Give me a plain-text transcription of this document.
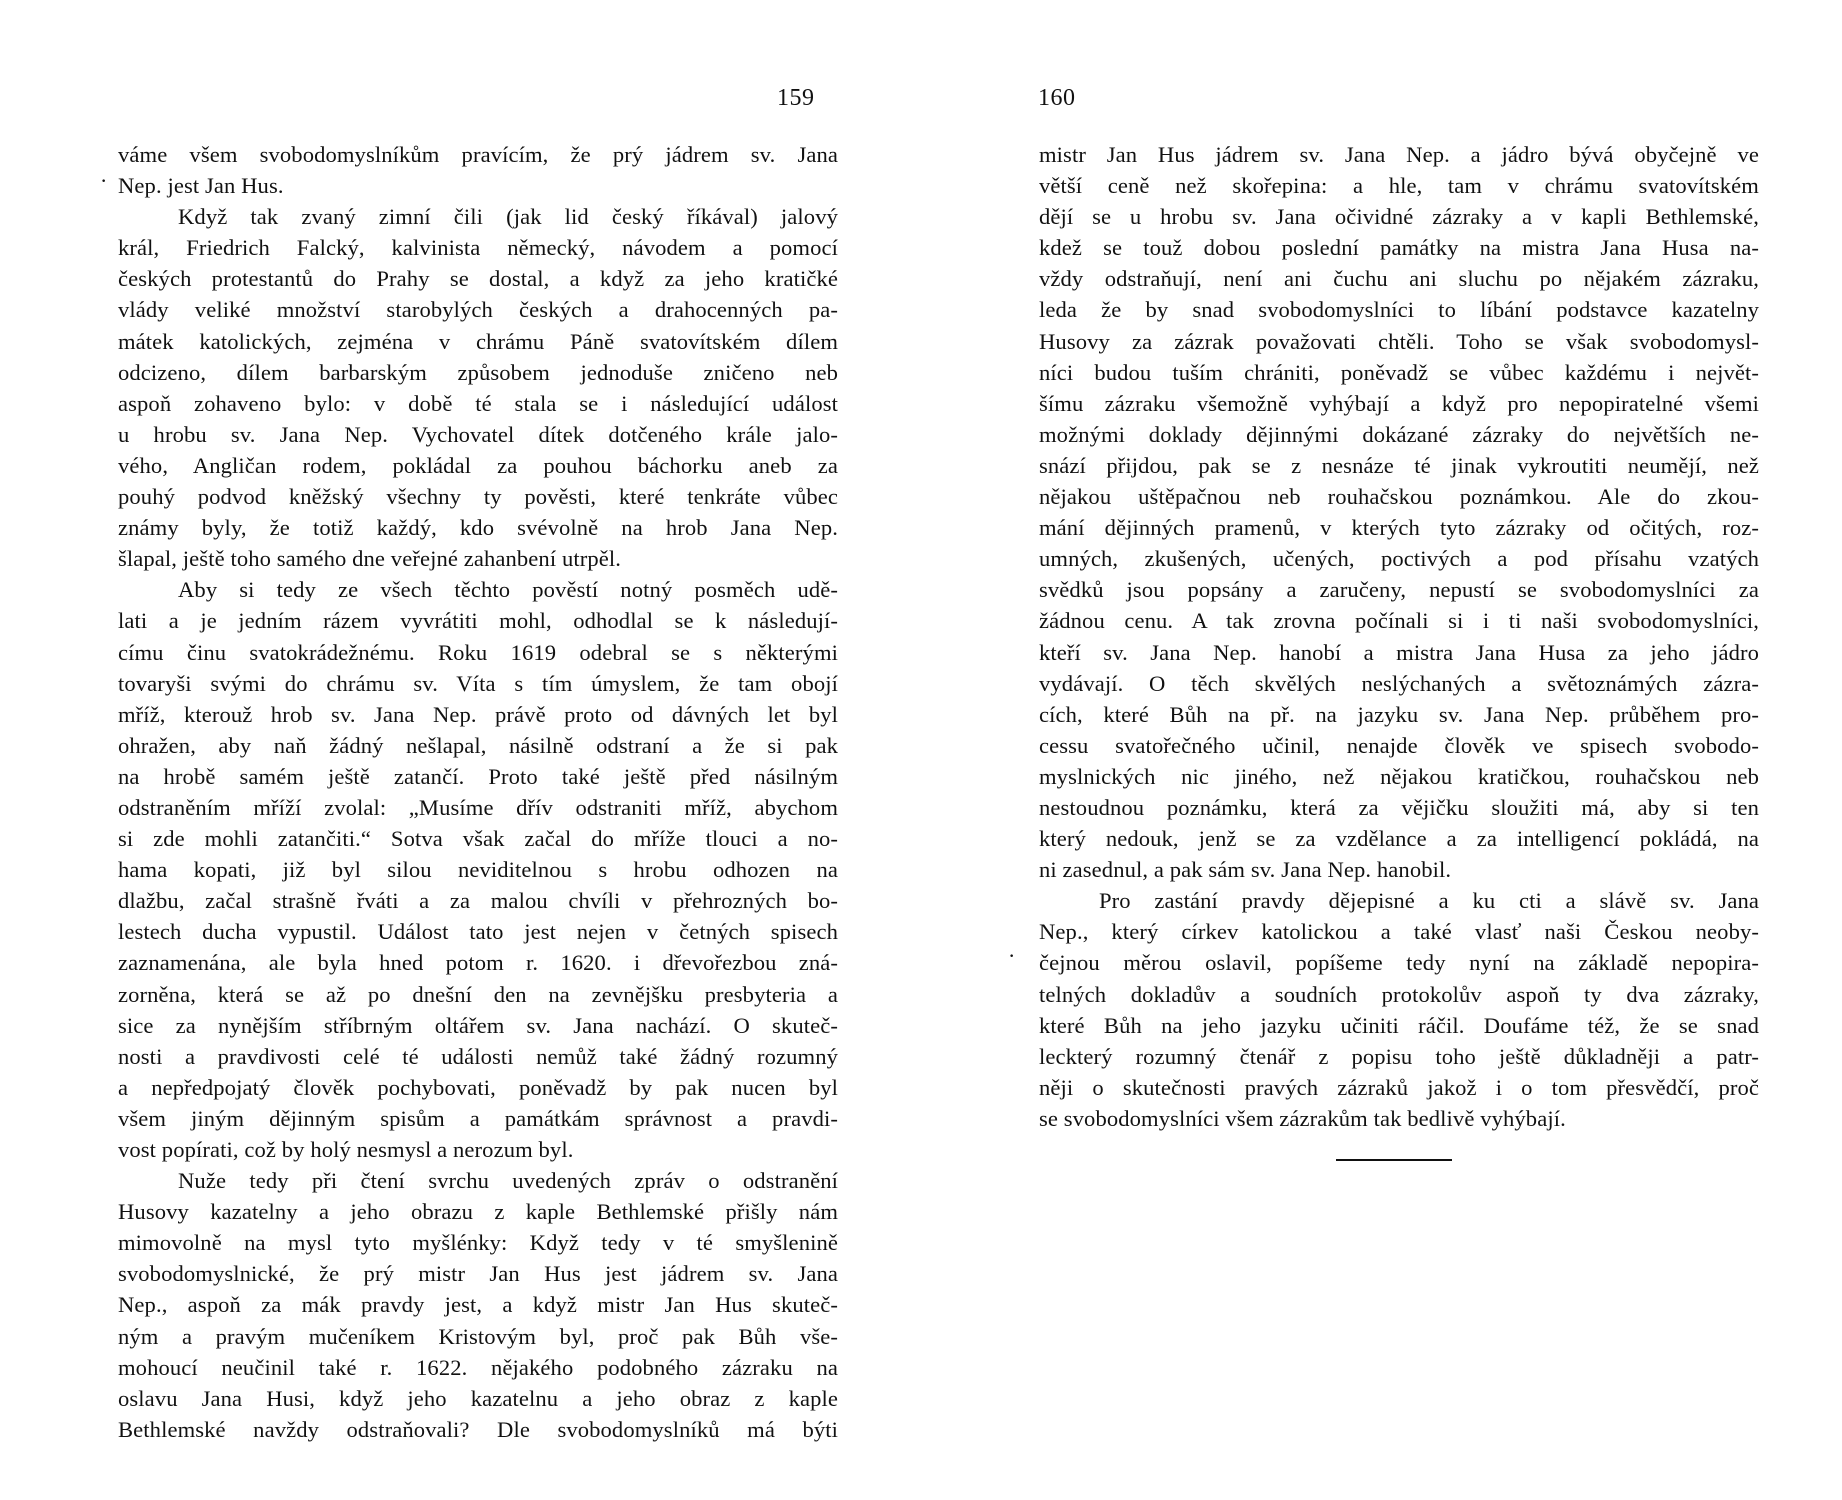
159
·
váme všem svobodomyslníkům pravícím, že prý jádrem sv. Jana
Nep. jest Jan Hus.
Když tak zvaný zimní čili (jak lid český říkával) jalový
král, Friedrich Falcký, kalvinista německý, návodem a pomocí
českých protestantů do Prahy se dostal, a když za jeho kratičké
vlády veliké množství starobylých českých a drahocenných pa-
mátek katolických, zejména v chrámu Páně svatovítském dílem
odcizeno, dílem barbarským způsobem jednoduše zničeno neb
aspoň zohaveno bylo: v době té stala se i následující událost
u hrobu sv. Jana Nep. Vychovatel dítek dotčeného krále jalo-
vého, Angličan rodem, pokládal za pouhou báchorku aneb za
pouhý podvod kněžský všechny ty pověsti, které tenkráte vůbec
známy byly, že totiž každý, kdo svévolně na hrob Jana Nep.
šlapal, ještě toho samého dne veřejné zahanbení utrpěl.
Aby si tedy ze všech těchto pověstí notný posměch udě-
lati a je jedním rázem vyvrátiti mohl, odhodlal se k následují-
címu činu svatokrádežnému. Roku 1619 odebral se s některými
tovaryši svými do chrámu sv. Víta s tím úmyslem, že tam obojí
mříž, kterouž hrob sv. Jana Nep. právě proto od dávných let byl
ohražen, aby naň žádný nešlapal, násilně odstraní a že si pak
na hrobě samém ještě zatančí. Proto také ještě před násilným
odstraněním mříží zvolal: „Musíme dřív odstraniti mříž, abychom
si zde mohli zatančiti.“ Sotva však začal do mříže tlouci a no-
hama kopati, již byl silou neviditelnou s hrobu odhozen na
dlažbu, začal strašně řváti a za malou chvíli v přehrozných bo-
lestech ducha vypustil. Událost tato jest nejen v četných spisech
zaznamenána, ale byla hned potom r. 1620. i dřevořezbou zná-
zorněna, která se až po dnešní den na zevnějšku presbyteria a
sice za nynějším stříbrným oltářem sv. Jana nachází. O skuteč-
nosti a pravdivosti celé té události nemůž také žádný rozumný
a nepředpojatý člověk pochybovati, poněvadž by pak nucen byl
všem jiným dějinným spisům a památkám správnost a pravdi-
vost popírati, což by holý nesmysl a nerozum byl.
Nuže tedy při čtení svrchu uvedených zpráv o odstranění
Husovy kazatelny a jeho obrazu z kaple Bethlemské přišly nám
mimovolně na mysl tyto myšlénky: Když tedy v té smyšlenině
svobodomyslnické, že prý mistr Jan Hus jest jádrem sv. Jana
Nep., aspoň za mák pravdy jest, a když mistr Jan Hus skuteč-
ným a pravým mučeníkem Kristovým byl, proč pak Bůh vše-
mohoucí neučinil také r. 1622. nějakého podobného zázraku na
oslavu Jana Husi, když jeho kazatelnu a jeho obraz z kaple
Bethlemské navždy odstraňovali? Dle svobodomyslníků má býti
160
·
mistr Jan Hus jádrem sv. Jana Nep. a jádro bývá obyčejně ve
větší ceně než skořepina: a hle, tam v chrámu svatovítském
dějí se u hrobu sv. Jana očividné zázraky a v kapli Bethlemské,
kdež se touž dobou poslední památky na mistra Jana Husa na-
vždy odstraňují, není ani čuchu ani sluchu po nějakém zázraku,
leda že by snad svobodomyslníci to líbání podstavce kazatelny
Husovy za zázrak považovati chtěli. Toho se však svobodomysl-
níci budou tuším chrániti, poněvadž se vůbec každému i největ-
šímu zázraku všemožně vyhýbají a když pro nepopiratelné všemi
možnými doklady dějinnými dokázané zázraky do největších ne-
snází přijdou, pak se z nesnáze té jinak vykroutiti neumějí, než
nějakou uštěpačnou neb rouhačskou poznámkou. Ale do zkou-
mání dějinných pramenů, v kterých tyto zázraky od očitých, roz-
umných, zkušených, učených, poctivých a pod přísahu vzatých
svědků jsou popsány a zaručeny, nepustí se svobodomyslníci za
žádnou cenu. A tak zrovna počínali si i ti naši svobodomyslníci,
kteří sv. Jana Nep. hanobí a mistra Jana Husa za jeho jádro
vydávají. O těch skvělých neslýchaných a světoznámých zázra-
cích, které Bůh na př. na jazyku sv. Jana Nep. průběhem pro-
cessu svatořečného učinil, nenajde člověk ve spisech svobodo-
myslnických nic jiného, než nějakou kratičkou, rouhačskou neb
nestoudnou poznámku, která za vějičku sloužiti má, aby si ten
který nedouk, jenž se za vzdělance a za intelligencí pokládá, na
ni zasednul, a pak sám sv. Jana Nep. hanobil.
Pro zastání pravdy dějepisné a ku cti a slávě sv. Jana
Nep., který církev katolickou a také vlasť naši Českou neoby-
čejnou měrou oslavil, popíšeme tedy nyní na základě nepopira-
telných dokladův a soudních protokolův aspoň ty dva zázraky,
které Bůh na jeho jazyku učiniti ráčil. Doufáme též, že se snad
leckterý rozumný čtenář z popisu toho ještě důkladněji a patr-
něji o skutečnosti pravých zázraků jakož i o tom přesvědčí, proč
se svobodomyslníci všem zázrakům tak bedlivě vyhýbají.
